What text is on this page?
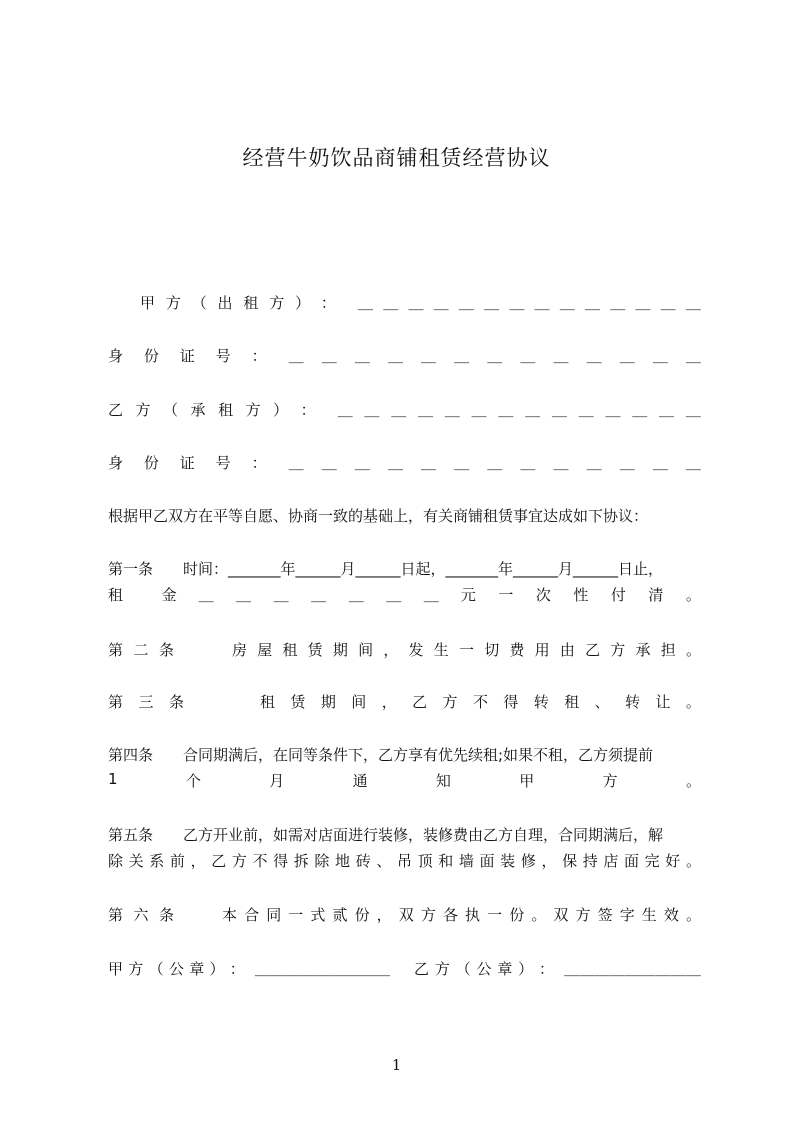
经营牛奶饮品商铺租赁经营协议
甲 方 （ 出 租 方 ） ： ＿ ＿ ＿ ＿ ＿ ＿ ＿ ＿ ＿ ＿ ＿ ＿ ＿ ＿
身 份 证 号 ： ＿ ＿ ＿ ＿ ＿ ＿ ＿ ＿ ＿ ＿ ＿ ＿ ＿
乙 方 （ 承 租 方 ） ： ＿ ＿ ＿ ＿ ＿ ＿ ＿ ＿ ＿ ＿ ＿ ＿ ＿ ＿
身 份 证 号 ： ＿ ＿ ＿ ＿ ＿ ＿ ＿ ＿ ＿ ＿ ＿ ＿ ＿
根据甲乙双方在平等自愿、协商一致的基础上，有关商铺租赁事宜达成如下协议：
第一条　　时间：_______年______月______日起，_______年______月______日止，
租	金 ＿ ＿ ＿ ＿ ＿ ＿ ＿ 元 一 次 性 付 清 。
第 二 条	房 屋 租 赁 期 间 ， 发 生 一 切 费 用 由 乙 方 承 担 。
第 三 条	租 赁 期 间 ， 乙 方 不 得 转 租 、 转 让 。
第四条　　合同期满后，在同等条件下，乙方享有优先续租;如果不租，乙方须提前
1	个	月	通	知	甲	方	。
第五条　　乙方开业前，如需对店面进行装修，装修费由乙方自理，合同期满后，解
除 关 系 前 ， 乙 方 不 得 拆 除 地 砖 、 吊 顶 和 墙 面 装 修 ， 保 持 店 面 完 好 。
第 六 条	本 合 同 一 式 贰 份 ， 双 方 各 执 一 份 。 双 方 签 字 生 效 。
甲 方 （ 公 章 ） ： ＿ ＿ ＿ ＿ ＿ ＿ ＿ ＿ ＿ 乙 方 （ 公 章 ） ： ＿ ＿ ＿ ＿ ＿ ＿ ＿ ＿ ＿
1
